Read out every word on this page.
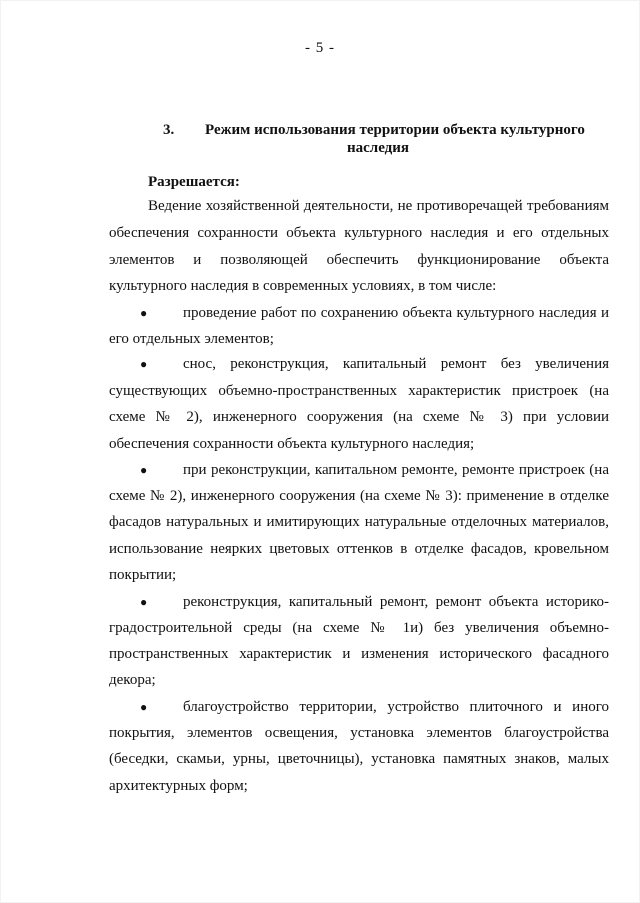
- 5 -
3. Режим использования территории объекта культурного
наследия
Разрешается:
Ведение хозяйственной деятельности, не противоречащей требованиям
обеспечения сохранности объекта культурного наследия и его отдельных
элементов и позволяющей обеспечить функционирование объекта
культурного наследия в современных условиях, в том числе:
● проведение работ по сохранению объекта культурного наследия и
его отдельных элементов;
● снос, реконструкция, капитальный ремонт без увеличения
существующих объемно-пространственных характеристик пристроек (на
схеме № 2), инженерного сооружения (на схеме № 3) при условии
обеспечения сохранности объекта культурного наследия;
● при реконструкции, капитальном ремонте, ремонте пристроек (на
схеме № 2), инженерного сооружения (на схеме № 3): применение в отделке
фасадов натуральных и имитирующих натуральные отделочных материалов,
использование неярких цветовых оттенков в отделке фасадов, кровельном
покрытии;
● реконструкция, капитальный ремонт, ремонт объекта историко-
градостроительной среды (на схеме № 1и) без увеличения объемно-
пространственных характеристик и изменения исторического фасадного
декора;
● благоустройство территории, устройство плиточного и иного
покрытия, элементов освещения, установка элементов благоустройства
(беседки, скамьи, урны, цветочницы), установка памятных знаков, малых
архитектурных форм;
